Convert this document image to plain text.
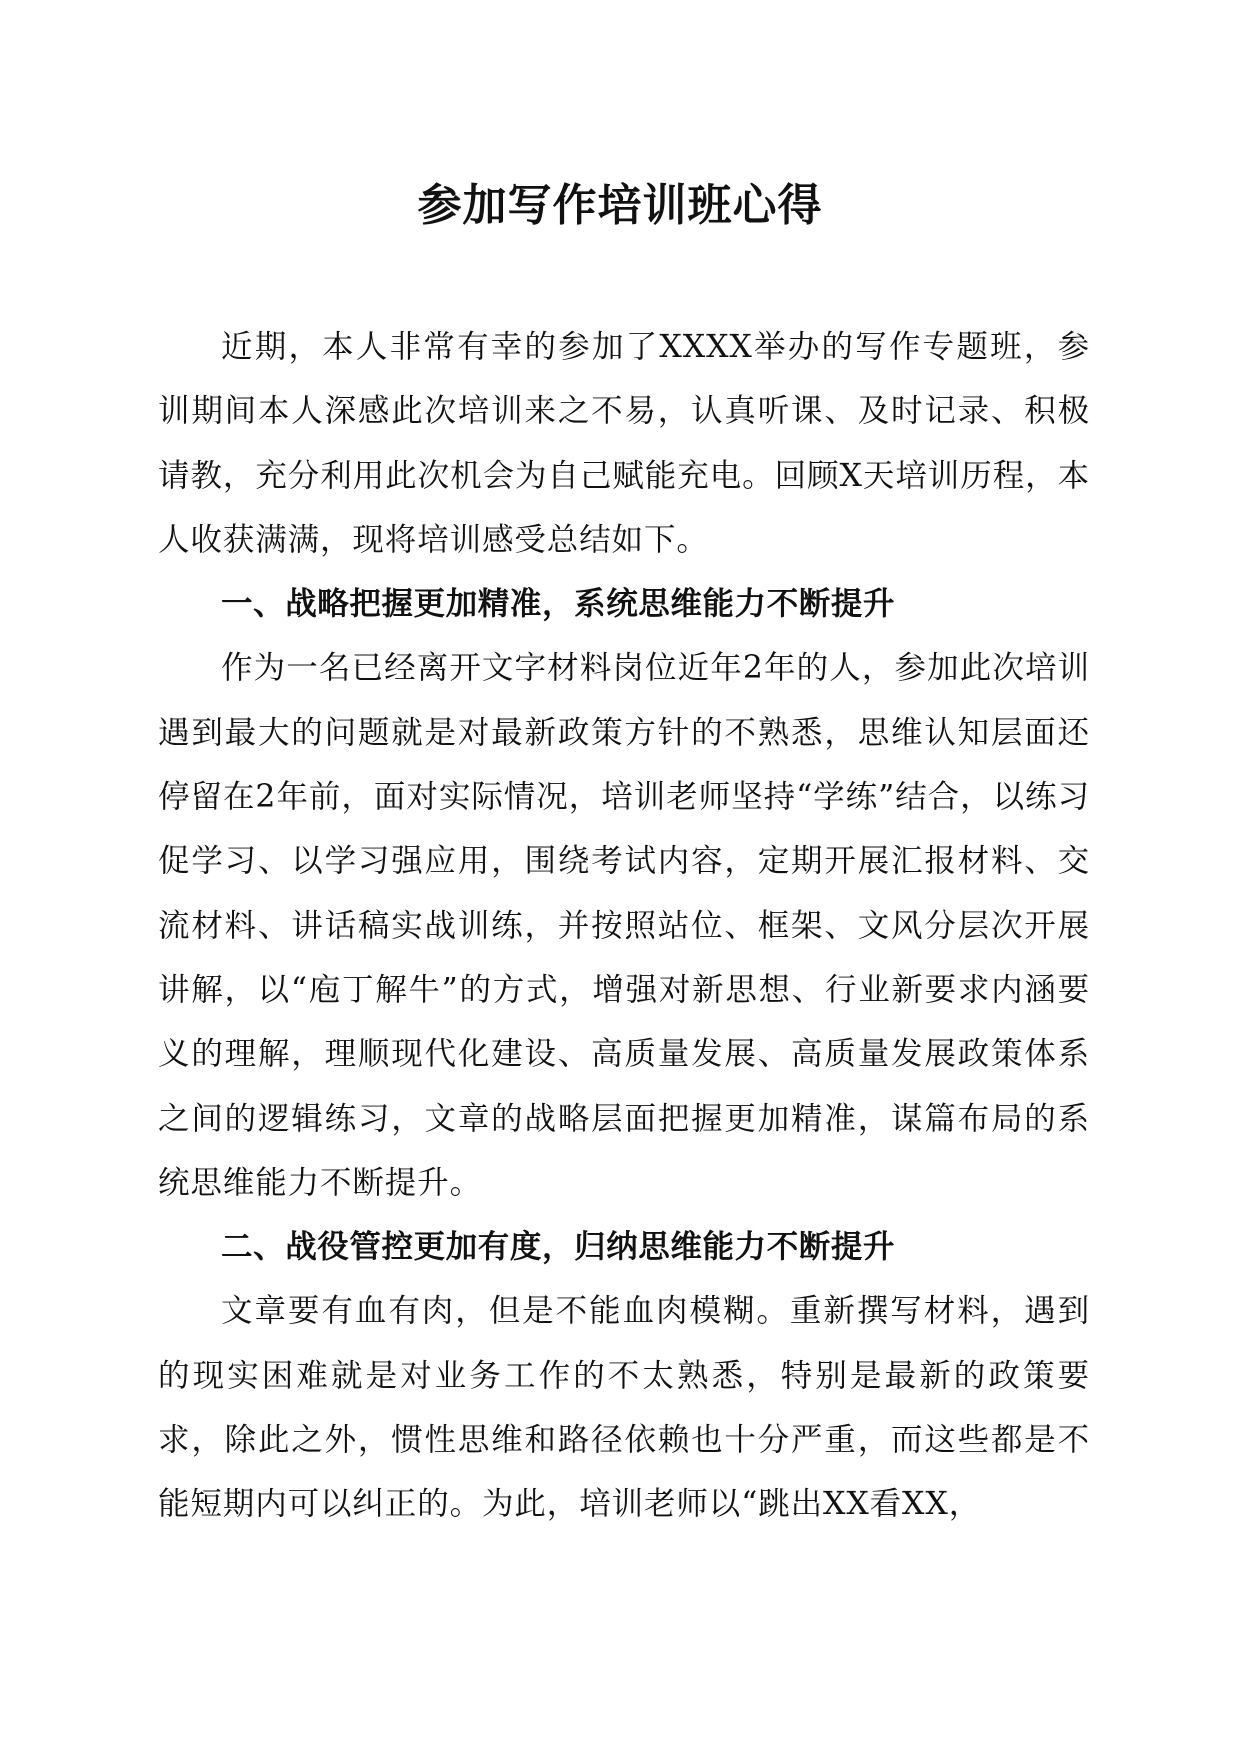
参加写作培训班心得

近期，本人非常有幸的参加了XXXX举办的写作专题班，参训期间本人深感此次培训来之不易，认真听课、及时记录、积极请教，充分利用此次机会为自己赋能充电。回顾X天培训历程，本人收获满满，现将培训感受总结如下。

一、战略把握更加精准，系统思维能力不断提升

作为一名已经离开文字材料岗位近年2年的人，参加此次培训遇到最大的问题就是对最新政策方针的不熟悉，思维认知层面还停留在2年前，面对实际情况，培训老师坚持“学练”结合，以练习促学习、以学习强应用，围绕考试内容，定期开展汇报材料、交流材料、讲话稿实战训练，并按照站位、框架、文风分层次开展讲解，以“庖丁解牛”的方式，增强对新思想、行业新要求内涵要义的理解，理顺现代化建设、高质量发展、高质量发展政策体系之间的逻辑练习，文章的战略层面把握更加精准，谋篇布局的系统思维能力不断提升。

二、战役管控更加有度，归纳思维能力不断提升

文章要有血有肉，但是不能血肉模糊。重新撰写材料，遇到的现实困难就是对业务工作的不太熟悉，特别是最新的政策要求，除此之外，惯性思维和路径依赖也十分严重，而这些都是不能短期内可以纠正的。为此，培训老师以“跳出XX看XX，
